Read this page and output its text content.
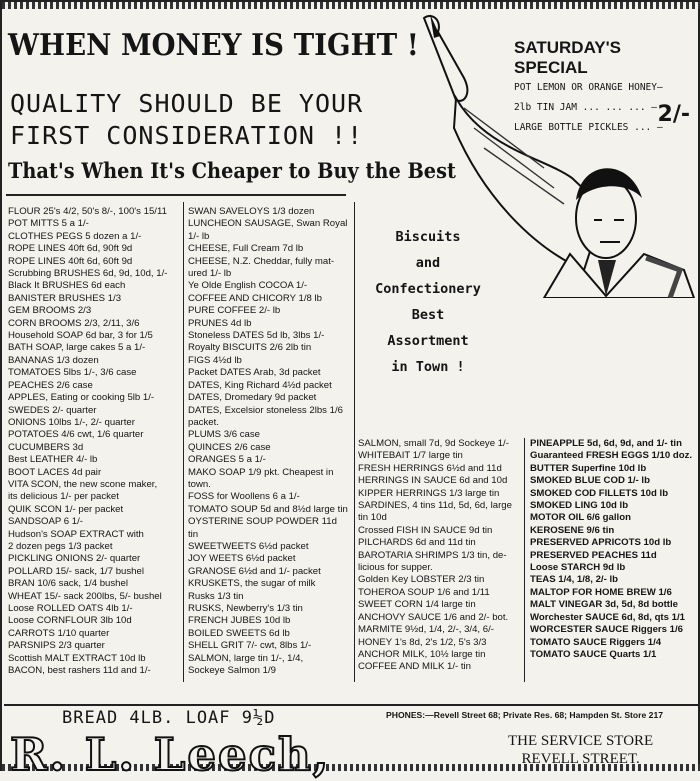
WHEN MONEY IS TIGHT !
QUALITY SHOULD BE YOUR
FIRST CONSIDERATION !!
That's When It's Cheaper to Buy the Best
SATURDAY'S SPECIAL
POT LEMON OR ORANGE HONEY—
2lb TIN JAM ... ... ... —
LARGE BOTTLE PICKLES ... —
2/-
FLOUR 25's 4/2, 50's 8/-, 100's 15/11
POT MITTS 5 a 1/-
CLOTHES PEGS 5 dozen a 1/-
ROPE LINES 40ft 6d, 90ft 9d
ROPE LINES 40ft 6d, 60ft 9d
Scrubbing BRUSHES 6d, 9d, 10d, 1/-
Black It BRUSHES 6d each
BANISTER BRUSHES 1/3
GEM BROOMS 2/3
CORN BROOMS 2/3, 2/11, 3/6
Household SOAP 6d bar, 3 for 1/5
BATH SOAP, large cakes 5 a 1/-
BANANAS 1/3 dozen
TOMATOES 5lbs 1/-, 3/6 case
PEACHES 2/6 case
APPLES, Eating or cooking 5lb 1/-
SWEDES 2/- quarter
ONIONS 10lbs 1/-, 2/- quarter
POTATOES 4/6 cwt, 1/6 quarter
CUCUMBERS 3d
Best LEATHER 4/- lb
BOOT LACES 4d pair
VITA SCON, the new scone maker,
its delicious 1/- per packet
QUIK SCON 1/- per packet
SANDSOAP 6 1/-
Hudson's SOAP EXTRACT with
2 dozen pegs 1/3 packet
PICKLING ONIONS 2/- quarter
POLLARD 15/- sack, 1/7 bushel
BRAN 10/6 sack, 1/4 bushel
WHEAT 15/- sack 200lbs, 5/- bushel
Loose ROLLED OATS 4lb 1/-
Loose CORNFLOUR 3lb 10d
CARROTS 1/10 quarter
PARSNIPS 2/3 quarter
Scottish MALT EXTRACT 10d lb
BACON, best rashers 11d and 1/-
SWAN SAVELOYS 1/3 dozen
LUNCHEON SAUSAGE, Swan Royal
1/- lb
CHEESE, Full Cream 7d lb
CHEESE, N.Z. Cheddar, fully mat-
ured 1/- lb
Ye Olde English COCOA 1/-
COFFEE AND CHICORY 1/8 lb
PURE COFFEE 2/- lb
PRUNES 4d lb
Stoneless DATES 5d lb, 3lbs 1/-
Royalty BISCUITS 2/6 2lb tin
FIGS 4½d lb
Packet DATES Arab, 3d packet
DATES, King Richard 4½d packet
DATES, Dromedary 9d packet
DATES, Excelsior stoneless 2lbs 1/6
packet.
PLUMS 3/6 case
QUINCES 2/6 case
ORANGES 5 a 1/-
MAKO SOAP 1/9 pkt. Cheapest in
town.
FOSS for Woollens 6 a 1/-
TOMATO SOUP 5d and 8½d large tin
OYSTERINE SOUP POWDER 11d
tin
SWEETWEETS 6½d packet
JOY WEETS 6½d packet
GRANOSE 6½d and 1/- packet
KRUSKETS, the sugar of milk
Rusks 1/3 tin
RUSKS, Newberry's 1/3 tin
FRENCH JUBES 10d lb
BOILED SWEETS 6d lb
SHELL GRIT 7/- cwt, 8lbs 1/-
SALMON, large tin 1/-, 1/4,
Sockeye Salmon 1/9
Biscuits
and
Confectionery
Best
Assortment
in Town !
SALMON, small 7d, 9d Sockeye 1/-
WHITEBAIT 1/7 large tin
FRESH HERRINGS 6½d and 11d
HERRINGS IN SAUCE 6d and 10d
KIPPER HERRINGS 1/3 large tin
SARDINES, 4 tins 11d, 5d, 6d, large
tin 10d
Crossed FISH IN SAUCE 9d tin
PILCHARDS 6d and 11d tin
BAROTARIA SHRIMPS 1/3 tin, de-
licious for supper.
Golden Key LOBSTER 2/3 tin
TOHEROA SOUP 1/6 and 1/11
SWEET CORN 1/4 large tin
ANCHOVY SAUCE 1/6 and 2/- bot.
MARMITE 9½d, 1/4, 2/-, 3/4, 6/-
HONEY 1's 8d, 2's 1/2, 5's 3/3
ANCHOR MILK, 10½ large tin
COFFEE AND MILK 1/- tin
PINEAPPLE 5d, 6d, 9d, and 1/- tin
Guaranteed FRESH EGGS 1/10 doz.
BUTTER Superfine 10d lb
SMOKED BLUE COD 1/- lb
SMOKED COD FILLETS 10d lb
SMOKED LING 10d lb
MOTOR OIL 6/6 gallon
KEROSENE 9/6 tin
PRESERVED APRICOTS 10d lb
PRESERVED PEACHES 11d
Loose STARCH 9d lb
TEAS 1/4, 1/8, 2/- lb
MALTOP FOR HOME BREW 1/6
MALT VINEGAR 3d, 5d, 8d bottle
Worchester SAUCE 6d, 8d, qts 1/1
WORCESTER SAUCE Riggers 1/6
TOMATO SAUCE Riggers 1/4
TOMATO SAUCE Quarts 1/1
BREAD 4LB. LOAF 9½D	PHONES:—Revell Street 68; Private Res. 68; Hampden St. Store 217
R. L. Leech,	THE SERVICE STORE
REVELL STREET.
